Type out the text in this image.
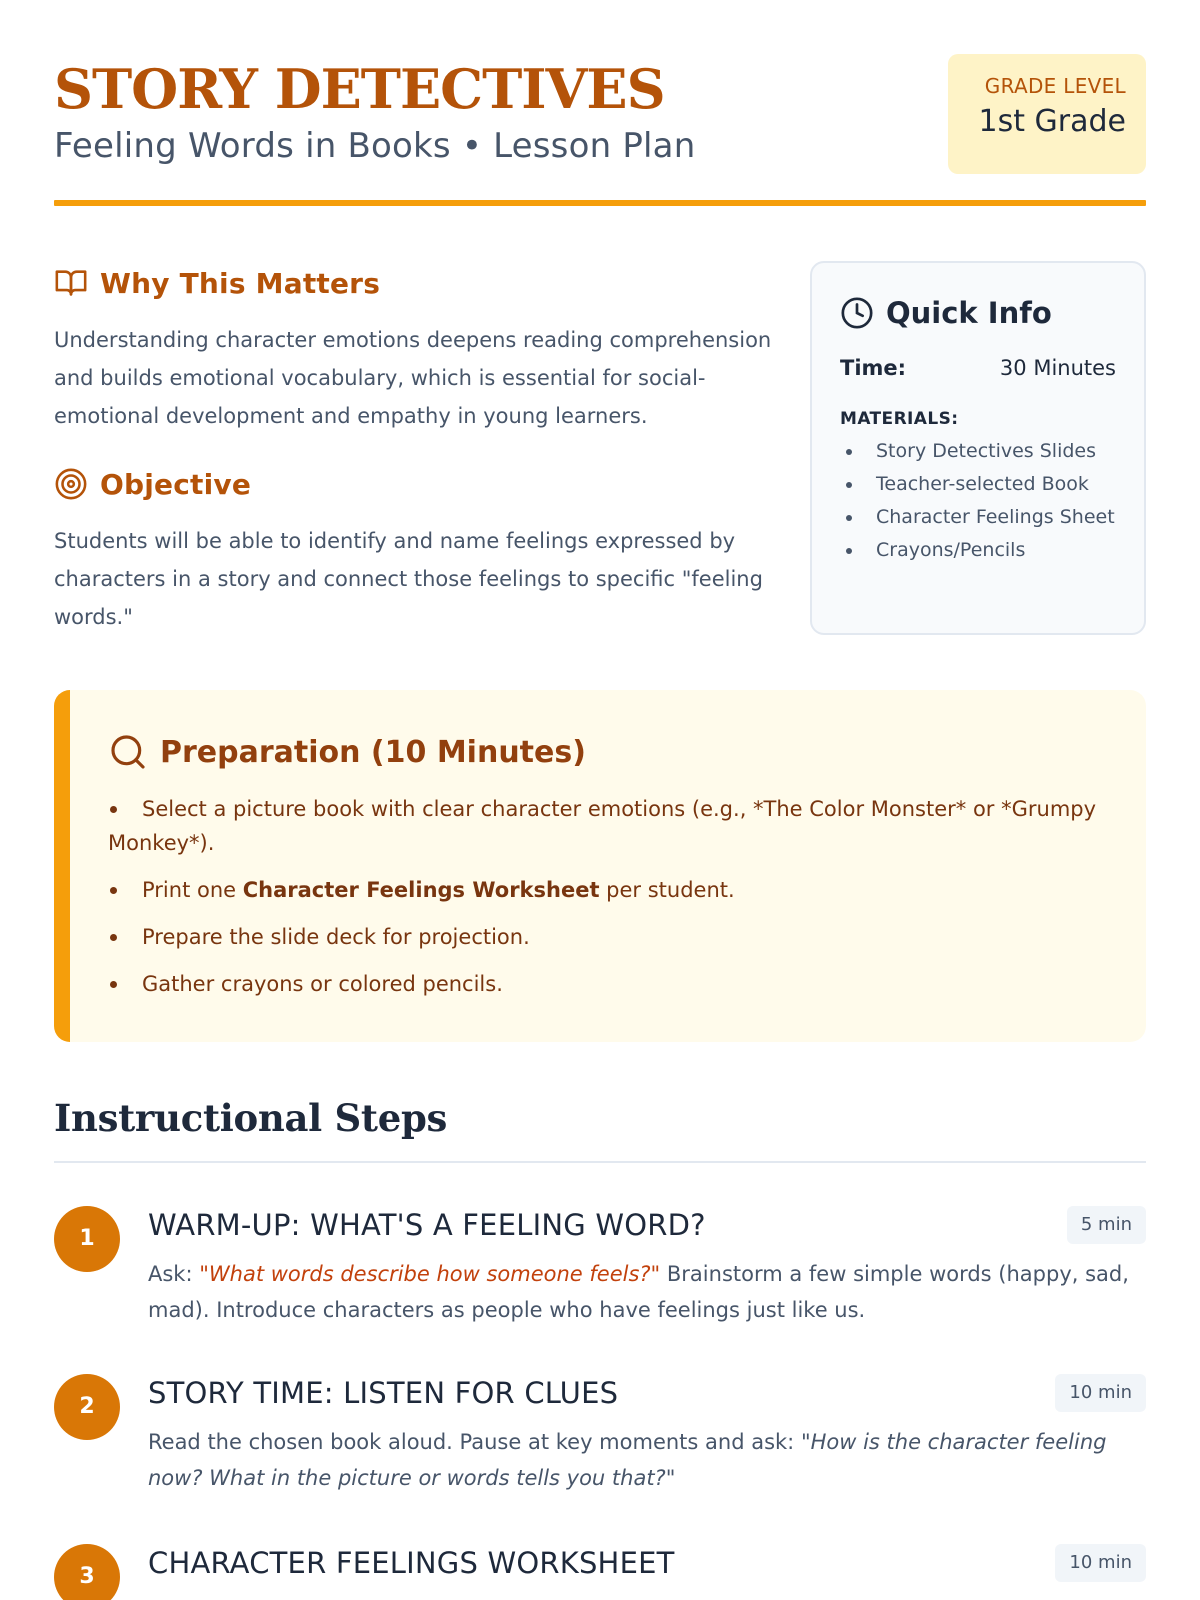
STORY DETECTIVES
Feeling Words in Books • Lesson Plan
GRADE LEVEL
1st Grade
Why This Matters
Understanding character emotions deepens reading comprehension and builds emotional vocabulary, which is essential for social-emotional development and empathy in young learners.
Objective
Students will be able to identify and name feelings expressed by characters in a story and connect those feelings to specific "feeling words."
Quick Info
Time:	30 Minutes
MATERIALS:
Story Detectives Slides
Teacher-selected Book
Character Feelings Sheet
Crayons/Pencils
Preparation (10 Minutes)
Select a picture book with clear character emotions (e.g., *The Color Monster* or *Grumpy Monkey*).
Print one Character Feelings Worksheet per student.
Prepare the slide deck for projection.
Gather crayons or colored pencils.
Instructional Steps
1	WARM-UP: WHAT'S A FEELING WORD?	5 min
Ask: "What words describe how someone feels?" Brainstorm a few simple words (happy, sad, mad). Introduce characters as people who have feelings just like us.
2	STORY TIME: LISTEN FOR CLUES	10 min
Read the chosen book aloud. Pause at key moments and ask: "How is the character feeling now? What in the picture or words tells you that?"
3	CHARACTER FEELINGS WORKSHEET	10 min
